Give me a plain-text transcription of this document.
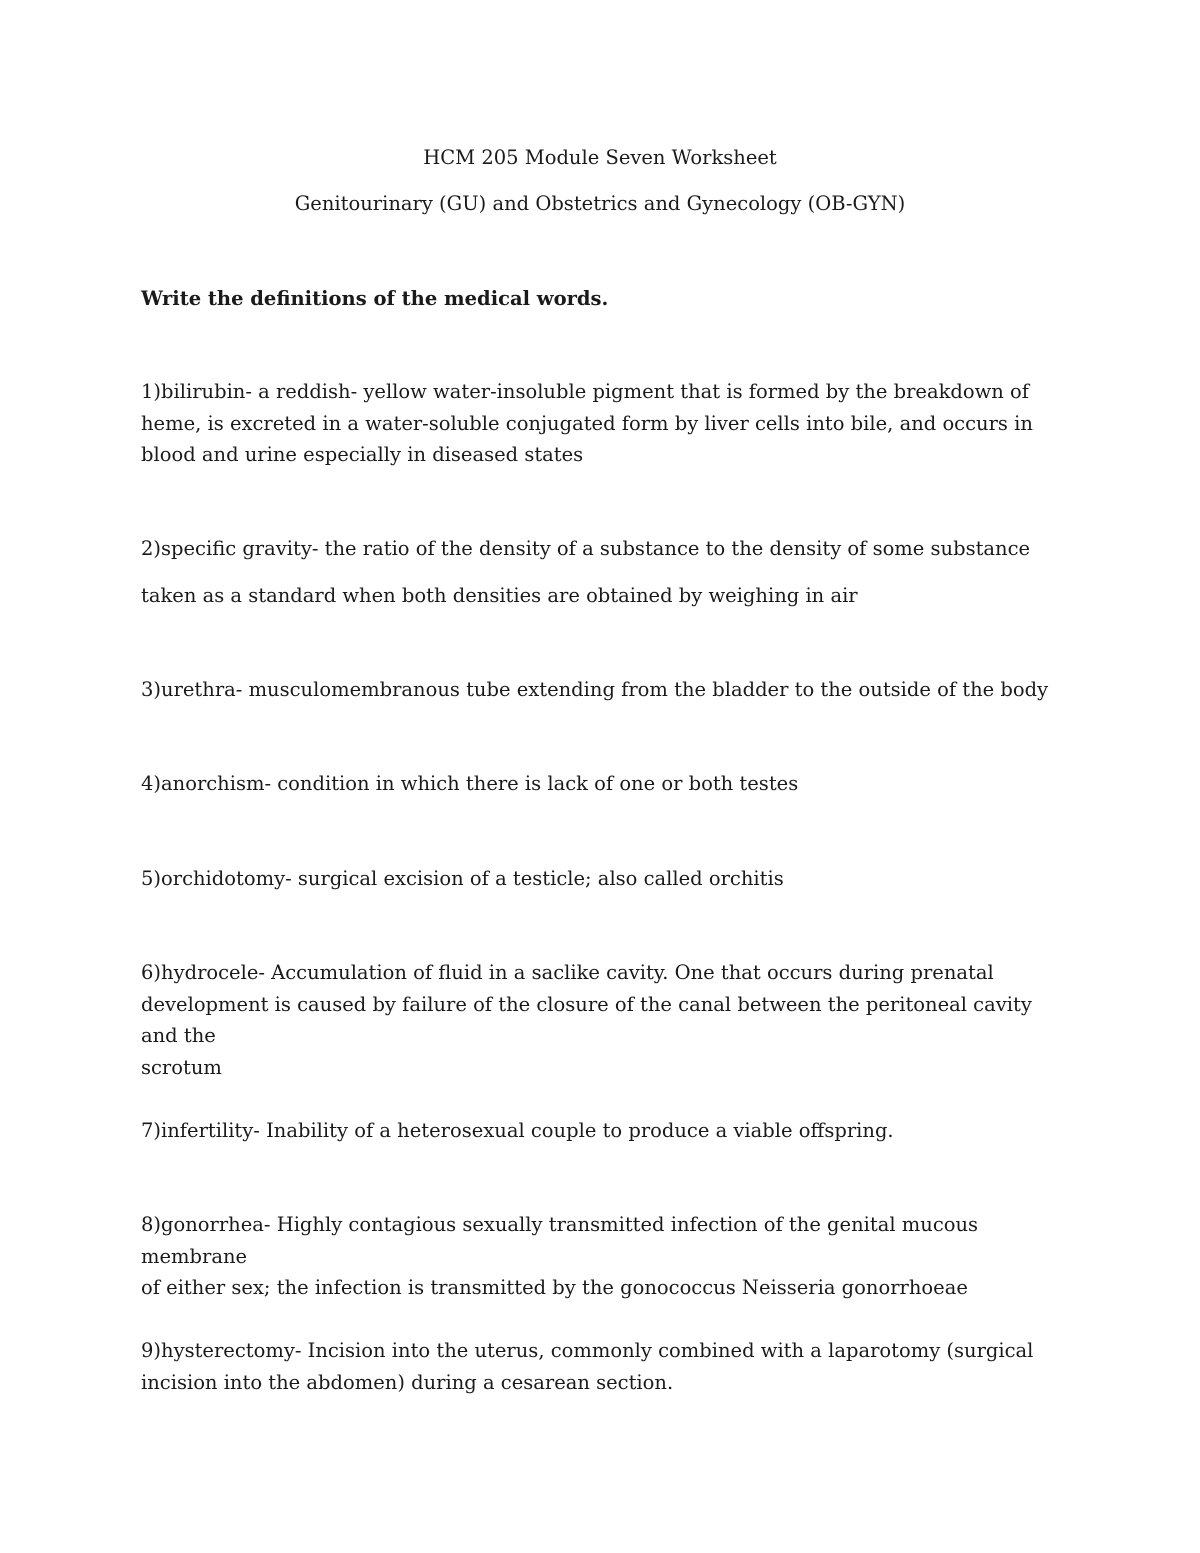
HCM 205 Module Seven Worksheet
Genitourinary (GU) and Obstetrics and Gynecology (OB-GYN)
Write the definitions of the medical words.
1)bilirubin- a reddish- yellow water-insoluble pigment that is formed by the breakdown of
heme, is excreted in a water-soluble conjugated form by liver cells into bile, and occurs in
blood and urine especially in diseased states
2)specific gravity- the ratio of the density of a substance to the density of some substance
taken as a standard when both densities are obtained by weighing in air
3)urethra- musculomembranous tube extending from the bladder to the outside of the body
4)anorchism- condition in which there is lack of one or both testes
5)orchidotomy- surgical excision of a testicle; also called orchitis
6)hydrocele- Accumulation of fluid in a saclike cavity. One that occurs during prenatal
development is caused by failure of the closure of the canal between the peritoneal cavity and the
scrotum
7)infertility- Inability of a heterosexual couple to produce a viable offspring.
8)gonorrhea- Highly contagious sexually transmitted infection of the genital mucous membrane
of either sex; the infection is transmitted by the gonococcus Neisseria gonorrhoeae
9)hysterectomy- Incision into the uterus, commonly combined with a laparotomy (surgical
incision into the abdomen) during a cesarean section.
